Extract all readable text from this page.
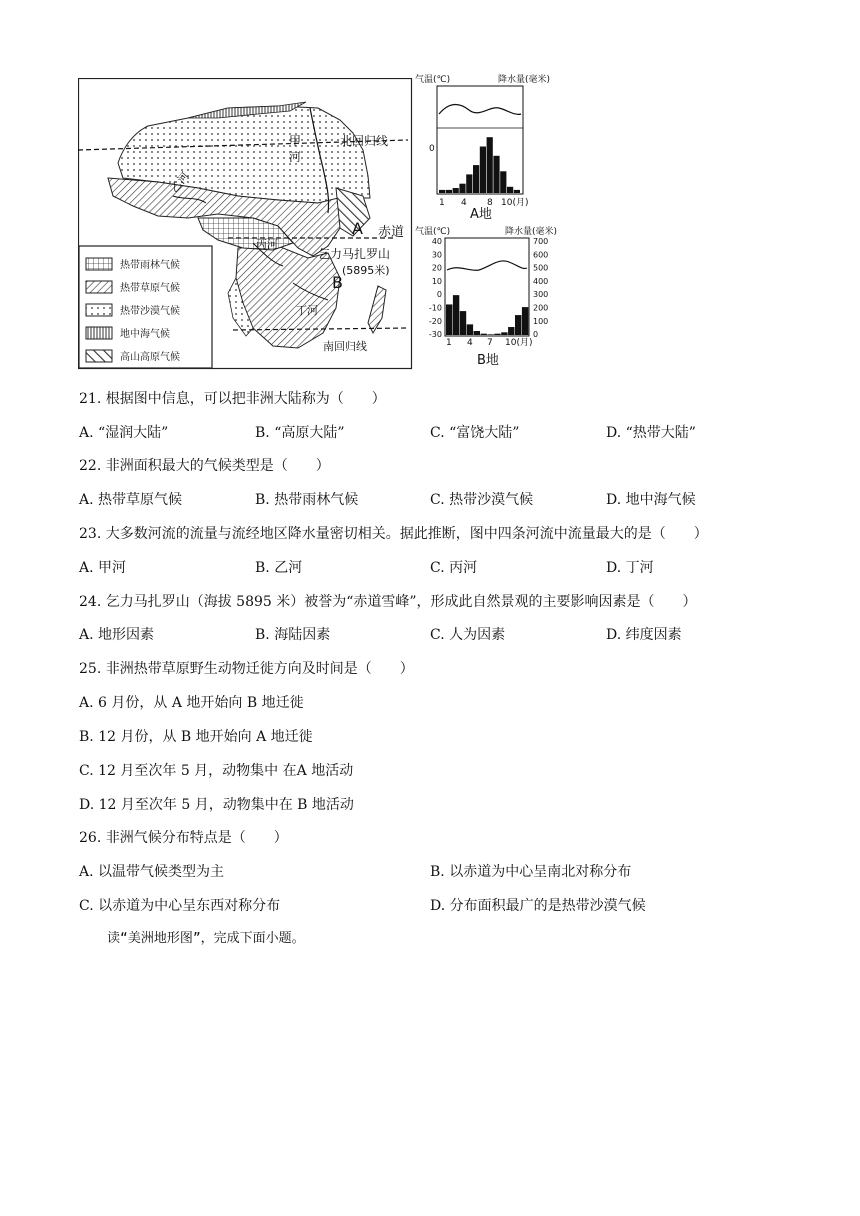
北回归线
赤道
南回归线
甲
河
乙河
丙河
丁河
A
B
乞力马扎罗山
(5895米)
热带雨林气候
热带草原气候
热带沙漠气候
地中海气候
高山高原气候
气温(℃)	降水量(毫米)
0
1 4 8 10(月)
A地
气温(℃)	降水量(毫米)
40
30
20
10
0
-10
-20
-30
700
600
500
400
300
200
100
0
1 4 7 10(月)
B地
21. 根据图中信息，可以把非洲大陆称为（　　）
A. “湿润大陆”	B. “高原大陆”	C. “富饶大陆”	D. “热带大陆”
22. 非洲面积最大的气候类型是（　　）
A. 热带草原气候	B. 热带雨林气候	C. 热带沙漠气候	D. 地中海气候
23. 大多数河流的流量与流经地区降水量密切相关。据此推断，图中四条河流中流量最大的是（　　）
A. 甲河	B. 乙河	C. 丙河	D. 丁河
24. 乞力马扎罗山（海拔 5895 米）被誉为“赤道雪峰”，形成此自然景观的主要影响因素是（　　）
A. 地形因素	B. 海陆因素	C. 人为因素	D. 纬度因素
25. 非洲热带草原野生动物迁徙方向及时间是（　　）
A. 6 月份，从 A 地开始向 B 地迁徙
B. 12 月份，从 B 地开始向 A 地迁徙
C. 12 月至次年 5 月，动物集中 在A 地活动
D. 12 月至次年 5 月，动物集中在 B 地活动
26. 非洲气候分布特点是（　　）
A. 以温带气候类型为主	B. 以赤道为中心呈南北对称分布
C. 以赤道为中心呈东西对称分布	D. 分布面积最广的是热带沙漠气候
读“美洲地形图”，完成下面小题。
